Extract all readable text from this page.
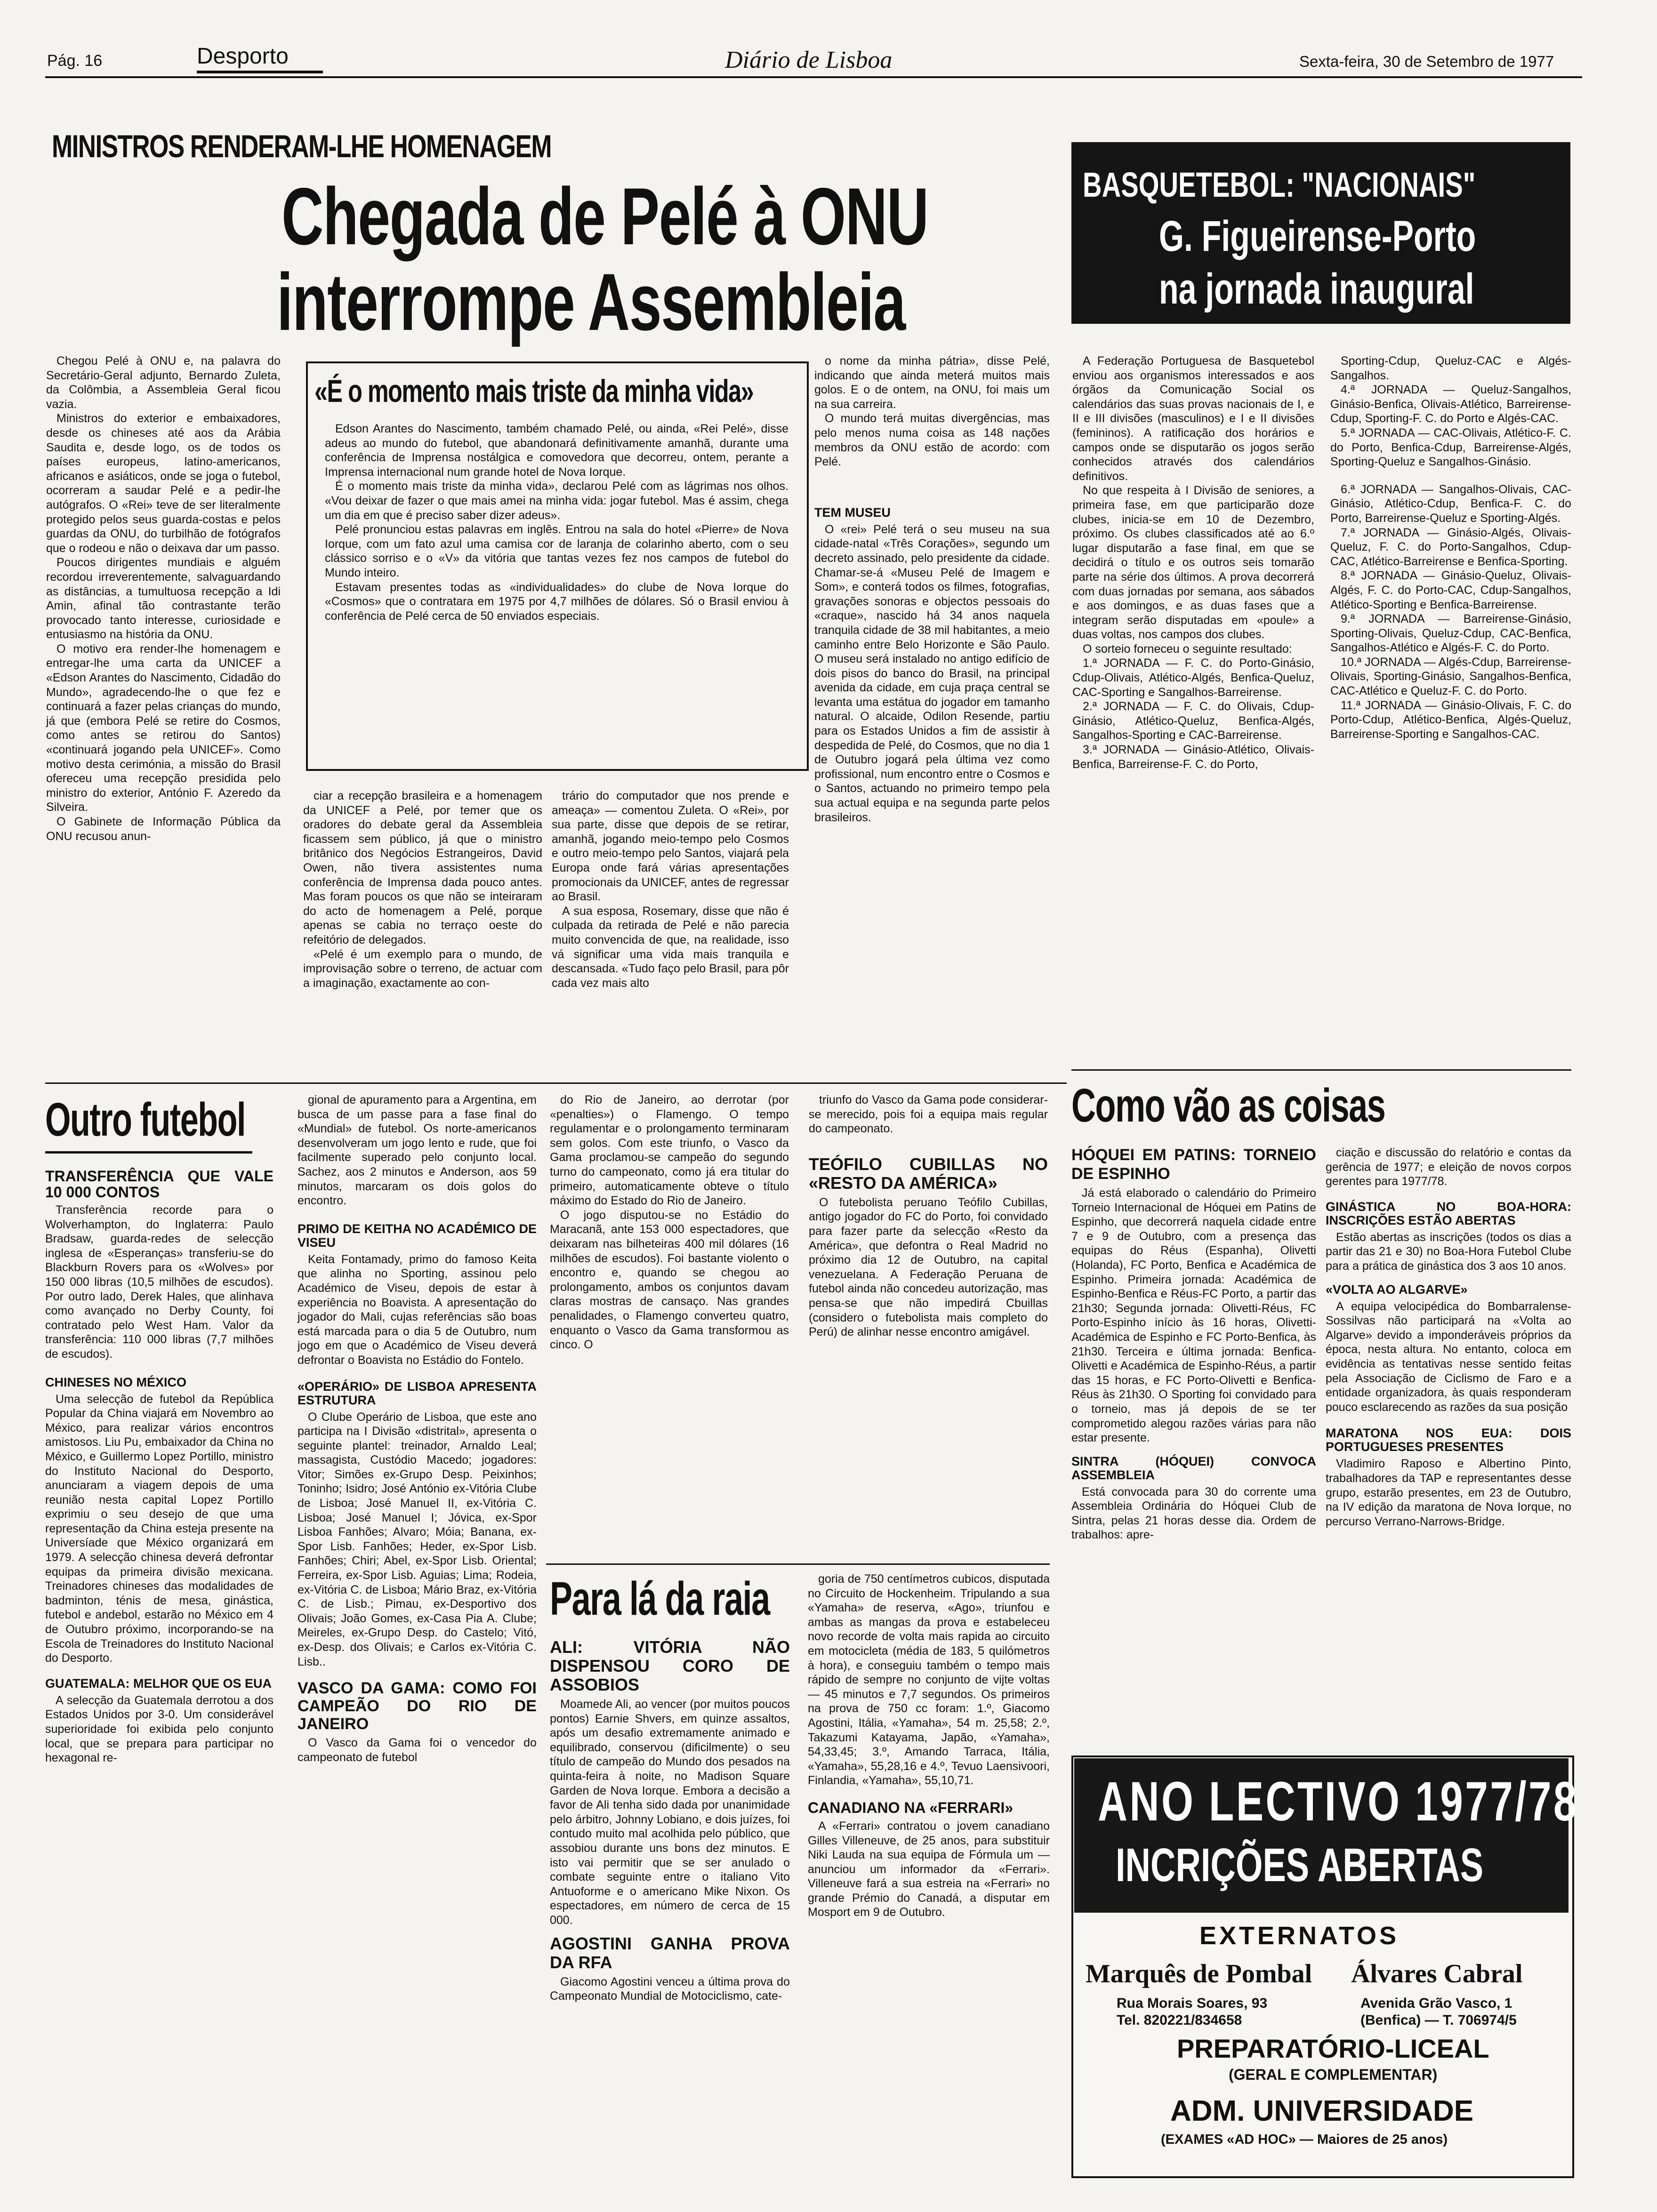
Pág. 16	Desporto	Diário de Lisboa	Sexta-feira, 30 de Setembro de 1977
MINISTROS RENDERAM-LHE HOMENAGEM
Chegada de Pelé à ONU
interrompe Assembleia

Chegou Pelé à ONU e, na palavra do Secretário-Geral adjunto, Bernardo Zuleta, da Colômbia, a Assembleia Geral ficou vazia.

Ministros do exterior e embaixadores, desde os chineses até aos da Arábia Saudita e, desde logo, os de todos os países europeus, latino-americanos, africanos e asiáticos, onde se joga o futebol, ocorreram a saudar Pelé e a pedir-lhe autógrafos. O «Rei» teve de ser literalmente protegido pelos seus guarda-costas e pelos guardas da ONU, do turbilhão de fotógrafos que o rodeou e não o deixava dar um passo.

Poucos dirigentes mundiais e alguém recordou irreverentemente, salvaguardando as distâncias, a tumultuosa recepção a Idi Amin, afinal tão contrastante terão provocado tanto interesse, curiosidade e entusiasmo na história da ONU.

O motivo era render-lhe homenagem e entregar-lhe uma carta da UNICEF a «Edson Arantes do Nascimento, Cidadão do Mundo», agradecendo-lhe o que fez e continuará a fazer pelas crianças do mundo, já que (embora Pelé se retire do Cosmos, como antes se retirou do Santos) «continuará jogando pela UNICEF». Como motivo desta cerimónia, a missão do Brasil ofereceu uma recepção presidida pelo ministro do exterior, António F. Azeredo da Silveira.

O Gabinete de Informação Pública da ONU recusou anun-

«É o momento mais triste da minha vida»

Edson Arantes do Nascimento, também chamado Pelé, ou ainda, «Rei Pelé», disse adeus ao mundo do futebol, que abandonará definitivamente amanhã, durante uma conferência de Imprensa nostálgica e comovedora que decorreu, ontem, perante a Imprensa internacional num grande hotel de Nova Iorque.

É o momento mais triste da minha vida», declarou Pelé com as lágrimas nos olhos. «Vou deixar de fazer o que mais amei na minha vida: jogar futebol. Mas é assim, chega um dia em que é preciso saber dizer adeus».

Pelé pronunciou estas palavras em inglês. Entrou na sala do hotel «Pierre» de Nova Iorque, com um fato azul uma camisa cor de laranja de colarinho aberto, com o seu clássico sorriso e o «V» da vitória que tantas vezes fez nos campos de futebol do Mundo inteiro.

Estavam presentes todas as «individualidades» do clube de Nova Iorque do «Cosmos» que o contratara em 1975 por 4,7 milhões de dólares. Só o Brasil enviou à conferência de Pelé cerca de 50 enviados especiais.

ciar a recepção brasileira e a homenagem da UNICEF a Pelé, por temer que os oradores do debate geral da Assembleia ficassem sem público, já que o ministro britânico dos Negócios Estrangeiros, David Owen, não tivera assistentes numa conferência de Imprensa dada pouco antes. Mas foram poucos os que não se inteiraram do acto de homenagem a Pelé, porque apenas se cabia no terraço oeste do refeitório de delegados.

«Pelé é um exemplo para o mundo, de improvisação sobre o terreno, de actuar com a imaginação, exactamente ao con-

trário do computador que nos prende e ameaça» — comentou Zuleta. O «Rei», por sua parte, disse que depois de se retirar, amanhã, jogando meio-tempo pelo Cosmos e outro meio-tempo pelo Santos, viajará pela Europa onde fará várias apresentações promocionais da UNICEF, antes de regressar ao Brasil.

A sua esposa, Rosemary, disse que não é culpada da retirada de Pelé e não parecia muito convencida de que, na realidade, isso vá significar uma vida mais tranquila e descansada. «Tudo faço pelo Brasil, para pôr cada vez mais alto

o nome da minha pátria», disse Pelé, indicando que ainda meterá muitos mais golos. E o de ontem, na ONU, foi mais um na sua carreira.

O mundo terá muitas divergências, mas pelo menos numa coisa as 148 nações membros da ONU estão de acordo: com Pelé.

TEM MUSEU

O «rei» Pelé terá o seu museu na sua cidade-natal «Três Corações», segundo um decreto assinado, pelo presidente da cidade. Chamar-se-á «Museu Pelé de Imagem e Som», e conterá todos os filmes, fotografias, gravações sonoras e objectos pessoais do «craque», nascido há 34 anos naquela tranquila cidade de 38 mil habitantes, a meio caminho entre Belo Horizonte e São Paulo. O museu será instalado no antigo edifício de dois pisos do banco do Brasil, na principal avenida da cidade, em cuja praça central se levanta uma estátua do jogador em tamanho natural. O alcaide, Odilon Resende, partiu para os Estados Unidos a fim de assistir à despedida de Pelé, do Cosmos, que no dia 1 de Outubro jogará pela última vez como profissional, num encontro entre o Cosmos e o Santos, actuando no primeiro tempo pela sua actual equipa e na segunda parte pelos brasileiros.

BASQUETEBOL: "NACIONAIS"
G. Figueirense-Porto
na jornada inaugural

A Federação Portuguesa de Basquetebol enviou aos organismos interessados e aos órgãos da Comunicação Social os calendários das suas provas nacionais de I, e II e III divisões (masculinos) e I e II divisões (femininos). A ratificação dos horários e campos onde se disputarão os jogos serão conhecidos através dos calendários definitivos.

No que respeita à I Divisão de seniores, a primeira fase, em que participarão doze clubes, inicia-se em 10 de Dezembro, próximo. Os clubes classificados até ao 6.º lugar disputarão a fase final, em que se decidirá o título e os outros seis tomarão parte na série dos últimos. A prova decorrerá com duas jornadas por semana, aos sábados e aos domingos, e as duas fases que a integram serão disputadas em «poule» a duas voltas, nos campos dos clubes.

O sorteio forneceu o seguinte resultado:

1.ª JORNADA — F. C. do Porto-Ginásio, Cdup-Olivais, Atlético-Algés, Benfica-Queluz, CAC-Sporting e Sangalhos-Barreirense.

2.ª JORNADA — F. C. do Olivais, Cdup-Ginásio, Atlético-Queluz, Benfica-Algés, Sangalhos-Sporting e CAC-Barreirense.

3.ª JORNADA — Ginásio-Atlético, Olivais-Benfica, Barreirense-F. C. do Porto,

Sporting-Cdup, Queluz-CAC e Algés-Sangalhos.

4.ª JORNADA — Queluz-Sangalhos, Ginásio-Benfica, Olivais-Atlético, Barreirense-Cdup, Sporting-F. C. do Porto e Algés-CAC.

5.ª JORNADA — CAC-Olivais, Atlético-F. C. do Porto, Benfica-Cdup, Barreirense-Algés, Sporting-Queluz e Sangalhos-Ginásio.

6.ª JORNADA — Sangalhos-Olivais, CAC-Ginásio, Atlético-Cdup, Benfica-F. C. do Porto, Barreirense-Queluz e Sporting-Algés.

7.ª JORNADA — Ginásio-Algés, Olivais-Queluz, F. C. do Porto-Sangalhos, Cdup-CAC, Atlético-Barreirense e Benfica-Sporting.

8.ª JORNADA — Ginásio-Queluz, Olivais-Algés, F. C. do Porto-CAC, Cdup-Sangalhos, Atlético-Sporting e Benfica-Barreirense.

9.ª JORNADA — Barreirense-Ginásio, Sporting-Olivais, Queluz-Cdup, CAC-Benfica, Sangalhos-Atlético e Algés-F. C. do Porto.

10.ª JORNADA — Algés-Cdup, Barreirense-Olivais, Sporting-Ginásio, Sangalhos-Benfica, CAC-Atlético e Queluz-F. C. do Porto.

11.ª JORNADA — Ginásio-Olivais, F. C. do Porto-Cdup, Atlético-Benfica, Algés-Queluz, Barreirense-Sporting e Sangalhos-CAC.

Outro futebol
TRANSFERÊNCIA QUE VALE 10 000 CONTOS

Transferência recorde para o Wolverhampton, do Inglaterra: Paulo Bradsaw, guarda-redes de selecção inglesa de «Esperanças» transferiu-se do Blackburn Rovers para os «Wolves» por 150 000 libras (10,5 milhões de escudos). Por outro lado, Derek Hales, que alinhava como avançado no Derby County, foi contratado pelo West Ham. Valor da transferência: 110 000 libras (7,7 milhões de escudos).

CHINESES NO MÉXICO

Uma selecção de futebol da República Popular da China viajará em Novembro ao México, para realizar vários encontros amistosos. Liu Pu, embaixador da China no México, e Guillermo Lopez Portillo, ministro do Instituto Nacional do Desporto, anunciaram a viagem depois de uma reunião nesta capital Lopez Portillo exprimiu o seu desejo de que uma representação da China esteja presente na Universíade que México organizará em 1979. A selecção chinesa deverá defrontar equipas da primeira divisão mexicana. Treinadores chineses das modalidades de badminton, ténis de mesa, ginástica, futebol e andebol, estarão no México em 4 de Outubro próximo, incorporando-se na Escola de Treinadores do Instituto Nacional do Desporto.

GUATEMALA: MELHOR QUE OS EUA

A selecção da Guatemala derrotou a dos Estados Unidos por 3-0. Um considerável superioridade foi exibida pelo conjunto local, que se prepara para participar no hexagonal re-

gional de apuramento para a Argentina, em busca de um passe para a fase final do «Mundial» de futebol. Os norte-americanos desenvolveram um jogo lento e rude, que foi facilmente superado pelo conjunto local. Sachez, aos 2 minutos e Anderson, aos 59 minutos, marcaram os dois golos do encontro.

PRIMO DE KEITHA NO ACADÉMICO DE VISEU

Keita Fontamady, primo do famoso Keita que alinha no Sporting, assinou pelo Académico de Viseu, depois de estar à experiência no Boavista. A apresentação do jogador do Mali, cujas referências são boas está marcada para o dia 5 de Outubro, num jogo em que o Académico de Viseu deverá defrontar o Boavista no Estádio do Fontelo.

«OPERÁRIO» DE LISBOA APRESENTA ESTRUTURA

O Clube Operário de Lisboa, que este ano participa na I Divisão «distrital», apresenta o seguinte plantel: treinador, Arnaldo Leal; massagista, Custódio Macedo; jogadores: Vitor; Simões ex-Grupo Desp. Peixinhos; Toninho; Isidro; José António ex-Vitória Clube de Lisboa; José Manuel II, ex-Vitória C. Lisboa; José Manuel I; Jóvica, ex-Spor Lisboa Fanhões; Alvaro; Móia; Banana, ex-Spor Lisb. Fanhões; Heder, ex-Spor Lisb. Fanhões; Chiri; Abel, ex-Spor Lisb. Oriental; Ferreira, ex-Spor Lisb. Aguias; Lima; Rodeia, ex-Vitória C. de Lisboa; Mário Braz, ex-Vitória C. de Lisb.; Pimau, ex-Desportivo dos Olivais; João Gomes, ex-Casa Pia A. Clube; Meireles, ex-Grupo Desp. do Castelo; Vitó, ex-Desp. dos Olivais; e Carlos ex-Vitória C. Lisb..

VASCO DA GAMA: COMO FOI CAMPEÃO DO RIO DE JANEIRO

O Vasco da Gama foi o vencedor do campeonato de futebol

do Rio de Janeiro, ao derrotar (por «penalties») o Flamengo. O tempo regulamentar e o prolongamento terminaram sem golos. Com este triunfo, o Vasco da Gama proclamou-se campeão do segundo turno do campeonato, como já era titular do primeiro, automaticamente obteve o título máximo do Estado do Rio de Janeiro.

O jogo disputou-se no Estádio do Maracanã, ante 153 000 espectadores, que deixaram nas bilheteiras 400 mil dólares (16 milhões de escudos). Foi bastante violento o encontro e, quando se chegou ao prolongamento, ambos os conjuntos davam claras mostras de cansaço. Nas grandes penalidades, o Flamengo converteu quatro, enquanto o Vasco da Gama transformou as cinco. O

triunfo do Vasco da Gama pode considerar-se merecido, pois foi a equipa mais regular do campeonato.

TEÓFILO CUBILLAS NO «RESTO DA AMÉRICA»

O futebolista peruano Teófilo Cubillas, antigo jogador do FC do Porto, foi convidado para fazer parte da selecção «Resto da América», que defontra o Real Madrid no próximo dia 12 de Outubro, na capital venezuelana. A Federação Peruana de futebol ainda não concedeu autorização, mas pensa-se que não impedirá Cbuillas (considero o futebolista mais completo do Perú) de alinhar nesse encontro amigável.

Para lá da raia
ALI: VITÓRIA NÃO DISPENSOU CORO DE ASSOBIOS

Moamede Ali, ao vencer (por muitos poucos pontos) Earnie Shvers, em quinze assaltos, após um desafio extremamente animado e equilibrado, conservou (dificilmente) o seu título de campeão do Mundo dos pesados na quinta-feira à noite, no Madison Square Garden de Nova Iorque. Embora a decisão a favor de Ali tenha sido dada por unanimidade pelo árbitro, Johnny Lobiano, e dois juízes, foi contudo muito mal acolhida pelo público, que assobiou durante uns bons dez minutos. E isto vai permitir que se ser anulado o combate seguinte entre o italiano Vito Antuoforme e o americano Mike Nixon. Os espectadores, em número de cerca de 15 000.

AGOSTINI GANHA PROVA DA RFA

Giacomo Agostini venceu a última prova do Campeonato Mundial de Motociclismo, cate-

goria de 750 centímetros cubicos, disputada no Circuito de Hockenheim. Tripulando a sua «Yamaha» de reserva, «Ago», triunfou e ambas as mangas da prova e estabeleceu novo recorde de volta mais rapida ao circuito em motocicleta (média de 183, 5 quilómetros à hora), e conseguiu também o tempo mais rápido de sempre no conjunto de vijte voltas — 45 minutos e 7,7 segundos. Os primeiros na prova de 750 cc foram: 1.º, Giacomo Agostini, Itália, «Yamaha», 54 m. 25,58; 2.º, Takazumi Katayama, Japão, «Yamaha», 54,33,45; 3.º, Amando Tarraca, Itália, «Yamaha», 55,28,16 e 4.º, Tevuo Laensivoori, Finlandia, «Yamaha», 55,10,71.

CANADIANO NA «FERRARI»

A «Ferrari» contratou o jovem canadiano Gilles Villeneuve, de 25 anos, para substituir Niki Lauda na sua equipa de Fórmula um — anunciou um informador da «Ferrari». Villeneuve fará a sua estreia na «Ferrari» no grande Prémio do Canadá, a disputar em Mosport em 9 de Outubro.

Como vão as coisas
HÓQUEI EM PATINS: TORNEIO DE ESPINHO

Já está elaborado o calendário do Primeiro Torneio Internacional de Hóquei em Patins de Espinho, que decorrerá naquela cidade entre 7 e 9 de Outubro, com a presença das equipas do Réus (Espanha), Olivetti (Holanda), FC Porto, Benfica e Académica de Espinho. Primeira jornada: Académica de Espinho-Benfica e Réus-FC Porto, a partir das 21h30; Segunda jornada: Olivetti-Réus, FC Porto-Espinho início às 16 horas, Olivetti-Académica de Espinho e FC Porto-Benfica, às 21h30. Terceira e última jornada: Benfica-Olivetti e Académica de Espinho-Réus, a partir das 15 horas, e FC Porto-Olivetti e Benfica-Réus às 21h30. O Sporting foi convidado para o torneio, mas já depois de se ter comprometido alegou razões várias para não estar presente.

SINTRA (HÓQUEI) CONVOCA ASSEMBLEIA

Está convocada para 30 do corrente uma Assembleia Ordinária do Hóquei Club de Sintra, pelas 21 horas desse dia. Ordem de trabalhos: apre-

ciação e discussão do relatório e contas da gerência de 1977; e eleição de novos corpos gerentes para 1977/78.

GINÁSTICA NO BOA-HORA: INSCRIÇÕES ESTÃO ABERTAS

Estão abertas as inscrições (todos os dias a partir das 21 e 30) no Boa-Hora Futebol Clube para a prática de ginástica dos 3 aos 10 anos.

«VOLTA AO ALGARVE»

A equipa velocipédica do Bombarralense-Sossilvas não participará na «Volta ao Algarve» devido a imponderáveis próprios da época, nesta altura. No entanto, coloca em evidência as tentativas nesse sentido feitas pela Associação de Ciclismo de Faro e a entidade organizadora, às quais responderam pouco esclarecendo as razões da sua posição

MARATONA NOS EUA: DOIS PORTUGUESES PRESENTES

Vladimiro Raposo e Albertino Pinto, trabalhadores da TAP e representantes desse grupo, estarão presentes, em 23 de Outubro, na IV edição da maratona de Nova Iorque, no percurso Verrano-Narrows-Bridge.

ANO LECTIVO 1977/78
INCRIÇÕES ABERTAS
EXTERNATOS
Marquês de Pombal
Rua Morais Soares, 93
Tel. 820221/834658
Álvares Cabral
Avenida Grão Vasco, 1
(Benfica) — T. 706974/5
PREPARATÓRIO-LICEAL
(GERAL E COMPLEMENTAR)
ADM. UNIVERSIDADE
(EXAMES «AD HOC» — Maiores de 25 anos)
